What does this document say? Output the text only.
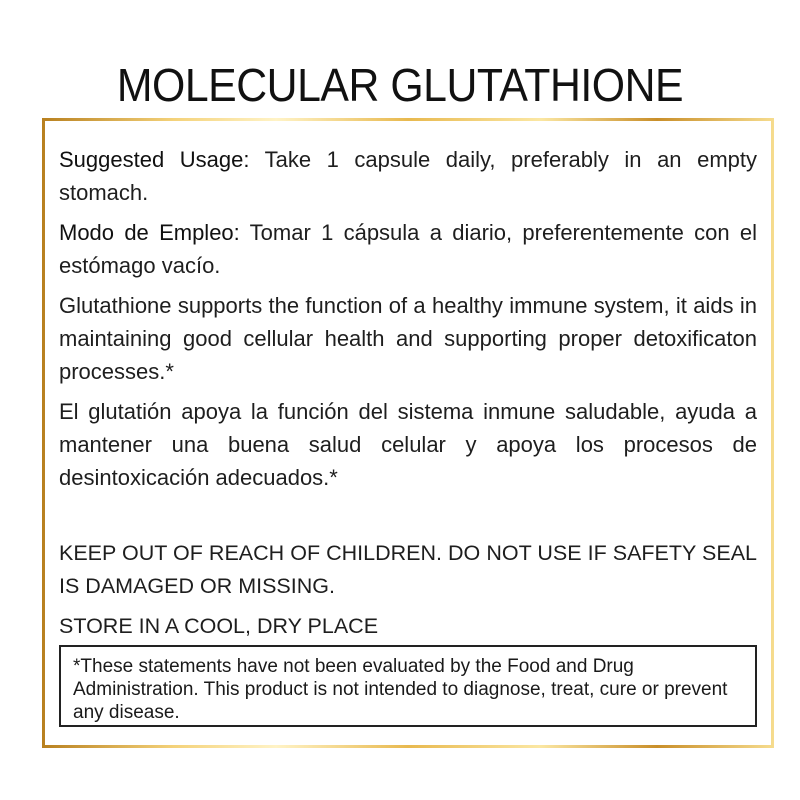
MOLECULAR GLUTATHIONE

Suggested Usage: Take 1 capsule daily, preferably in an empty stomach.

Modo de Empleo: Tomar 1 cápsula a diario, preferentemente con el estómago vacío.

Glutathione supports the function of a healthy immune system, it aids in maintaining good cellular health and supporting proper detoxificaton processes.*

El glutatión apoya la función del sistema inmune saludable, ayuda a mantener una buena salud celular y apoya los procesos de desintoxicación adecuados.*

KEEP OUT OF REACH OF CHILDREN. DO NOT USE IF SAFETY SEAL IS DAMAGED OR MISSING.

STORE IN A COOL, DRY PLACE

*These statements have not been evaluated by the Food and Drug Administration. This product is not intended to diagnose, treat, cure or prevent any disease.
